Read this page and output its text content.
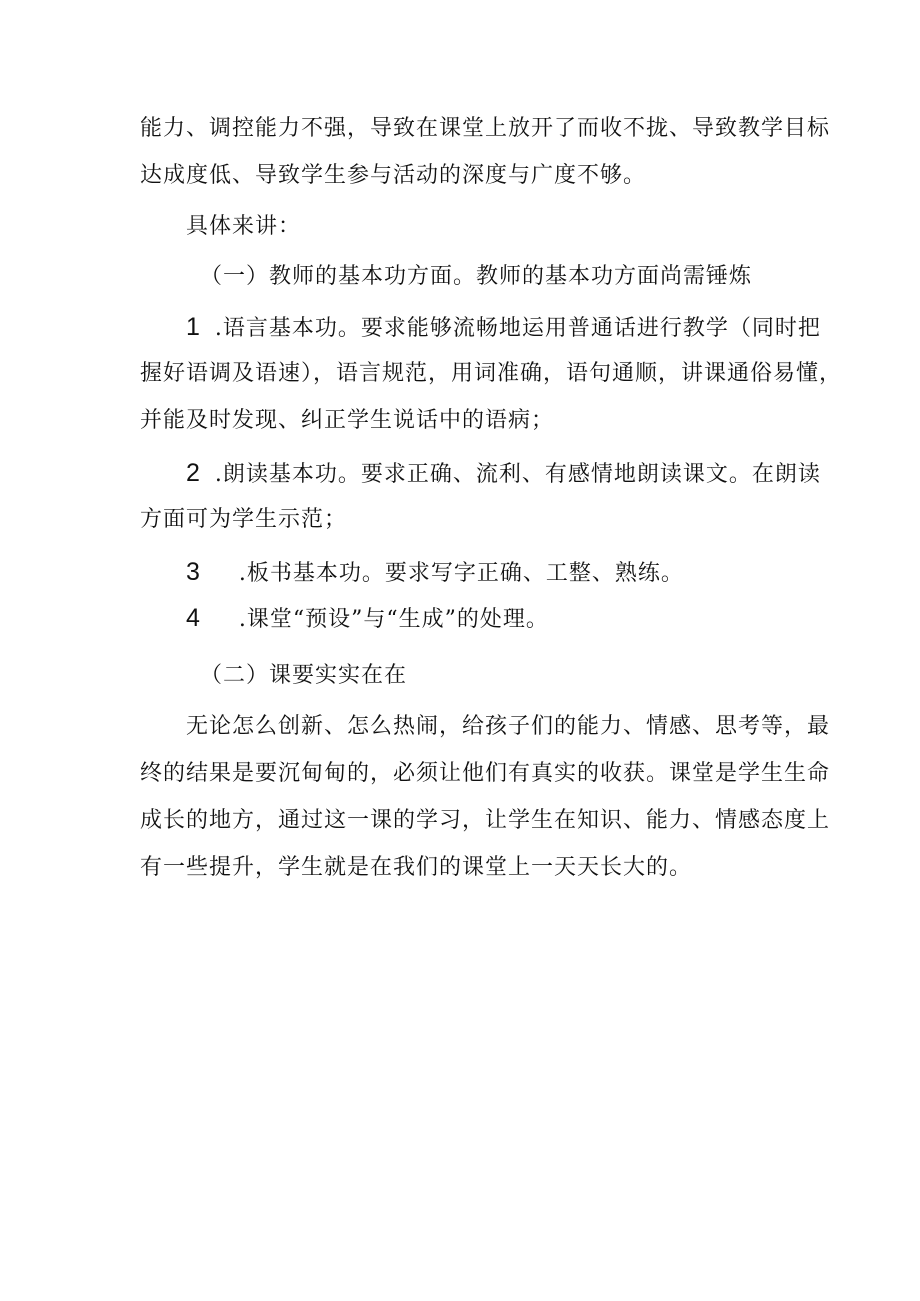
能力、调控能力不强，导致在课堂上放开了而收不拢、导致教学目标
达成度低、导致学生参与活动的深度与广度不够。
具体来讲：
（一）教师的基本功方面。教师的基本功方面尚需锤炼
1 .语言基本功。要求能够流畅地运用普通话进行教学（同时把
握好语调及语速），语言规范，用词准确，语句通顺，讲课通俗易懂，
并能及时发现、纠正学生说话中的语病；
2 .朗读基本功。要求正确、流利、有感情地朗读课文。在朗读
方面可为学生示范；
3 .板书基本功。要求写字正确、工整、熟练。
4 .课堂“预设”与“生成”的处理。
（二）课要实实在在
无论怎么创新、怎么热闹，给孩子们的能力、情感、思考等，最
终的结果是要沉甸甸的，必须让他们有真实的收获。课堂是学生生命
成长的地方，通过这一课的学习，让学生在知识、能力、情感态度上
有一些提升，学生就是在我们的课堂上一天天长大的。
